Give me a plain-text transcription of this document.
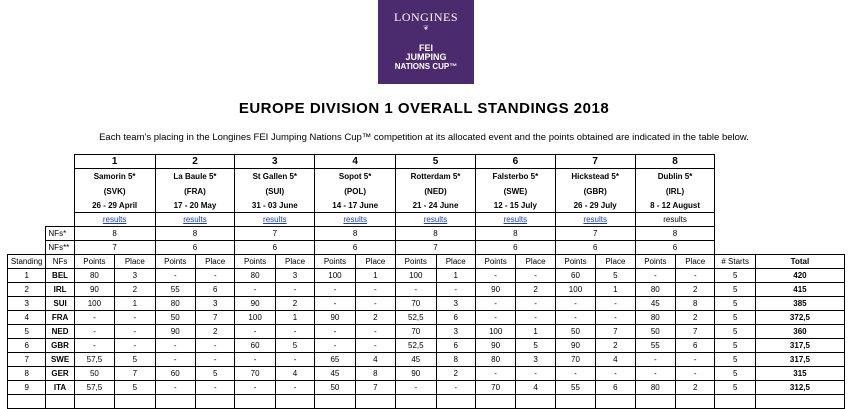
LONGINES
❦
FEI
JUMPING
NATIONS CUP™
EUROPE DIVISION 1 OVERALL STANDINGS 2018
Each team's placing in the Longines FEI Jumping Nations Cup™ competition at its allocated event and the points obtained are indicated in the table below.
		1		2		3		4		5		6		7		8			
		Samorin 5*		La Baule 5*		St Gallen 5*		Sopot 5*		Rotterdam 5*		Falsterbo 5*		Hickstead 5*		Dublin 5*			
		(SVK)		(FRA)		(SUI)		(POL)		(NED)		(SWE)		(GBR)		(IRL)			
		26 - 29 April		17 - 20 May		31 - 03 June		14 - 17 June		21 - 24 June		12 - 15 July		26 - 29 July		8 - 12 August			
		results		results		results		results		results		results		results		results			
	NFs*	8		8		7		8		8		8		7		8			
	NFs**	7		6		6		6		7		6		6		6			
Standing	NFs	Points	Place	Points	Place	Points	Place	Points	Place	Points	Place	Points	Place	Points	Place	Points	Place	# Starts	Total
1	BEL	80	3	-	-	80	3	100	1	100	1	-	-	60	5	-	-	5	420
2	IRL	90	2	55	6	-	-	-	-	-	-	90	2	100	1	80	2	5	415
3	SUI	100	1	80	3	90	2	-	-	70	3	-	-	-	-	45	8	5	385
4	FRA	-	-	50	7	100	1	90	2	52,5	6	-	-	-	-	80	2	5	372,5
5	NED	-	-	90	2	-	-	-	-	70	3	100	1	50	7	50	7	5	360
6	GBR	-	-	-	-	60	5	-	-	52,5	6	90	5	90	2	55	6	5	317,5
7	SWE	57,5	5	-	-	-	-	65	4	45	8	80	3	70	4	-	-	5	317,5
8	GER	50	7	60	5	70	4	45	8	90	2	-	-	-	-	-	-	5	315
9	ITA	57,5	5	-	-	-	-	50	7	-	-	70	4	55	6	80	2	5	312,5
